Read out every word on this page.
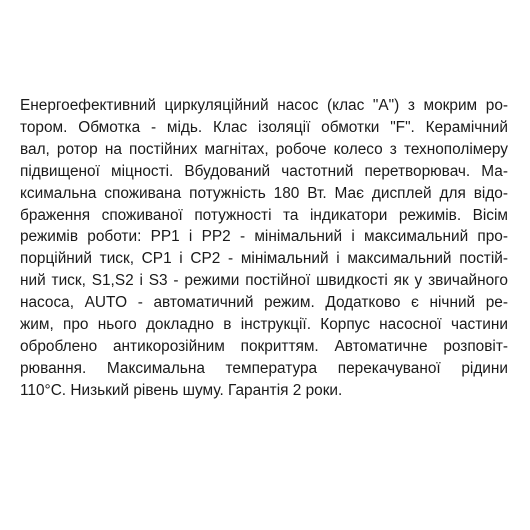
Енергоефективний циркуляційний насос (клас "А") з мокрим ро-
тором. Обмотка - мідь. Клас ізоляції обмотки "F". Керамічний
вал, ротор на постійних магнітах, робоче колесо з технополімеру
підвищеної міцності. Вбудований частотний перетворювач. Ма-
ксимальна споживана потужність 180 Вт. Має дисплей для відо-
браження споживаної потужності та індикатори режимів. Вісім
режимів роботи: PP1 і PP2 - мінімальний і максимальний про-
порційний тиск, CP1 і CP2 - мінімальний і максимальний постій-
ний тиск, S1,S2 і S3 - режими постійної швидкості як у звичайного
насоса, AUTO - автоматичний режим. Додатково є нічний ре-
жим, про нього докладно в інструкції. Корпус насосної частини
оброблено антикорозійним покриттям. Автоматичне розповіт-
рювання. Максимальна температура перекачуваної рідини
110°С. Низький рівень шуму. Гарантія 2 роки.
